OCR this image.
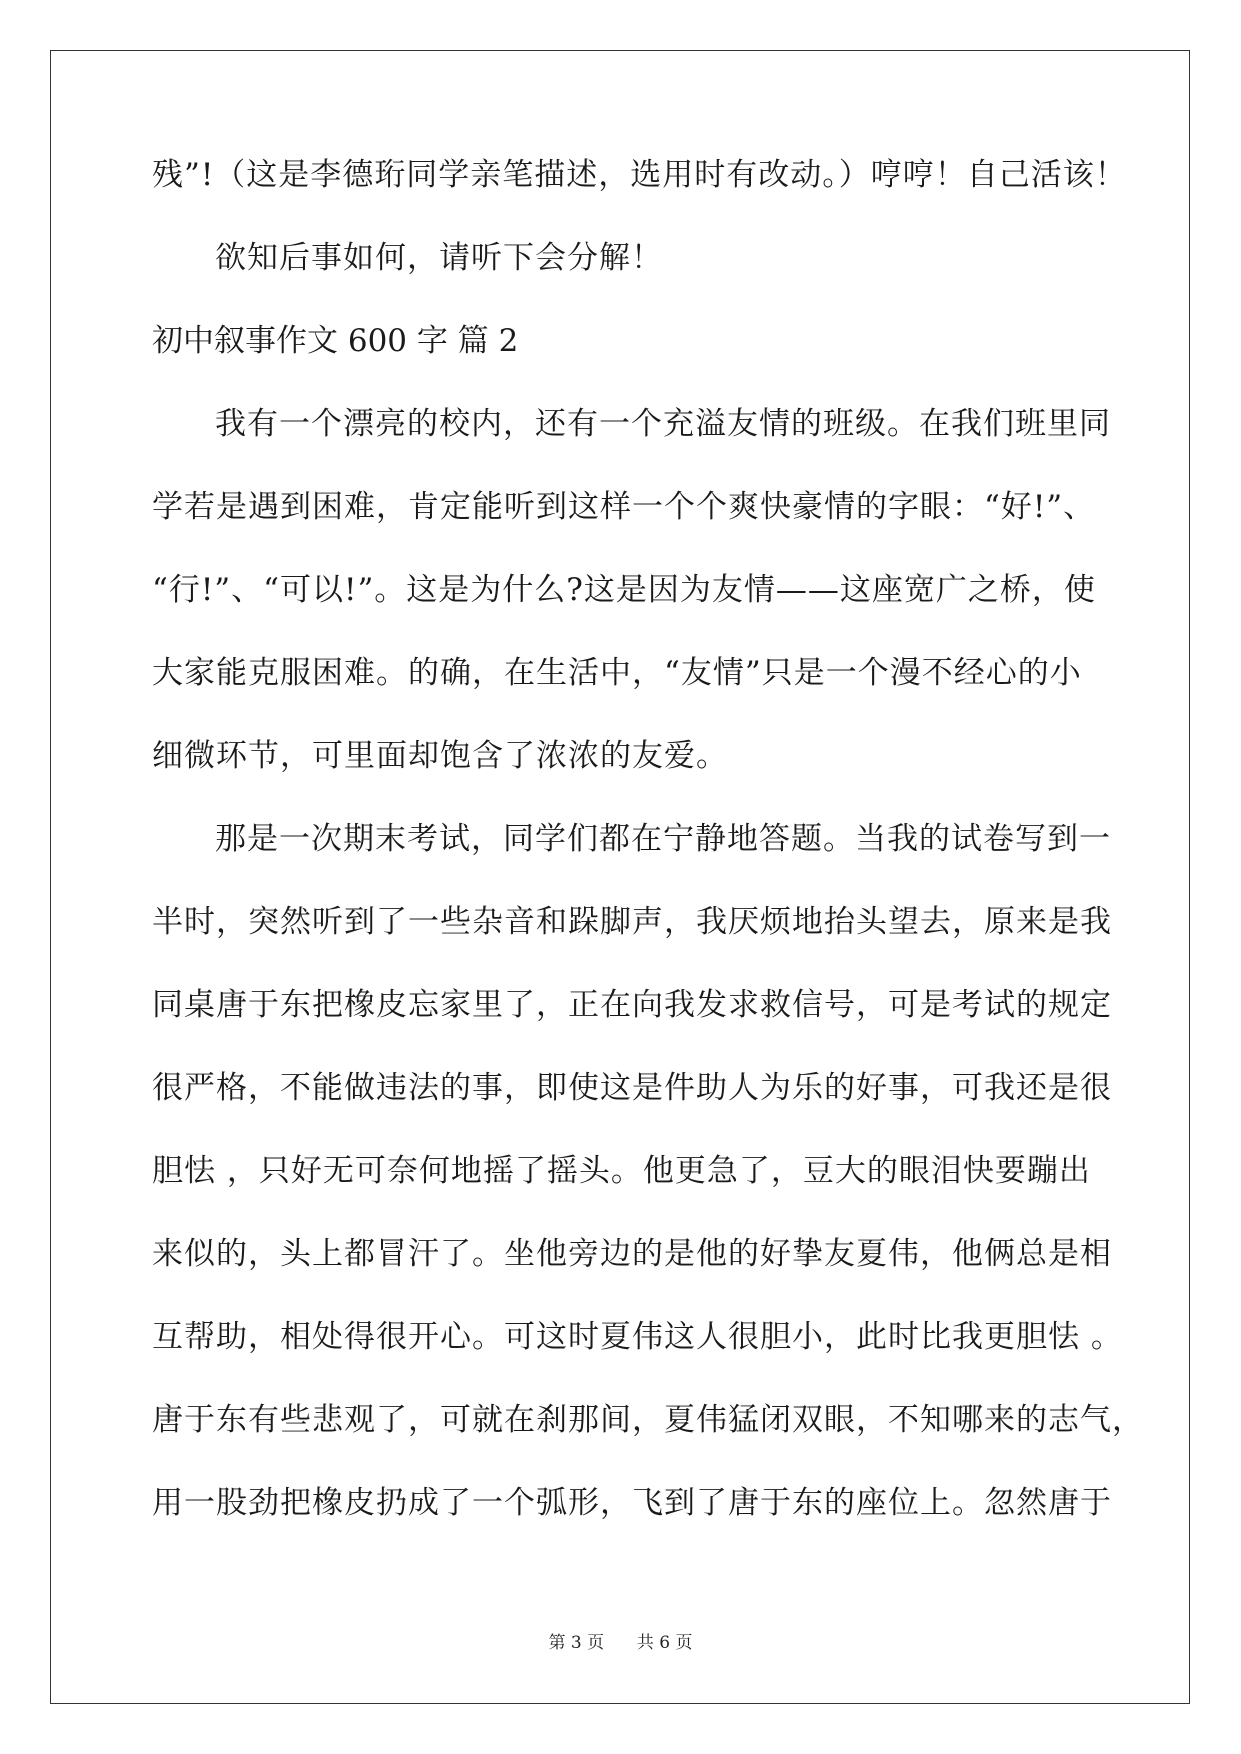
残”!（这是李德珩同学亲笔描述，选用时有改动。）哼哼！自己活该！
欲知后事如何，请听下会分解！
初中叙事作文 600 字 篇 2
我有一个漂亮的校内，还有一个充溢友情的班级。在我们班里同
学若是遇到困难，肯定能听到这样一个个爽快豪情的字眼：“好!”、
“行!”、“可以!”。这是为什么?这是因为友情——这座宽广之桥，使
大家能克服困难。的确，在生活中，“友情”只是一个漫不经心的小
细微环节，可里面却饱含了浓浓的友爱。
那是一次期末考试，同学们都在宁静地答题。当我的试卷写到一
半时，突然听到了一些杂音和跺脚声，我厌烦地抬头望去，原来是我
同桌唐于东把橡皮忘家里了，正在向我发求救信号，可是考试的规定
很严格，不能做违法的事，即使这是件助人为乐的好事，可我还是很
胆怯 ，只好无可奈何地摇了摇头。他更急了，豆大的眼泪快要蹦出
来似的，头上都冒汗了。坐他旁边的是他的好挚友夏伟，他俩总是相
互帮助，相处得很开心。可这时夏伟这人很胆小，此时比我更胆怯 。
唐于东有些悲观了，可就在刹那间，夏伟猛闭双眼，不知哪来的志气，
用一股劲把橡皮扔成了一个弧形，飞到了唐于东的座位上。忽然唐于
第 3 页 共 6 页
